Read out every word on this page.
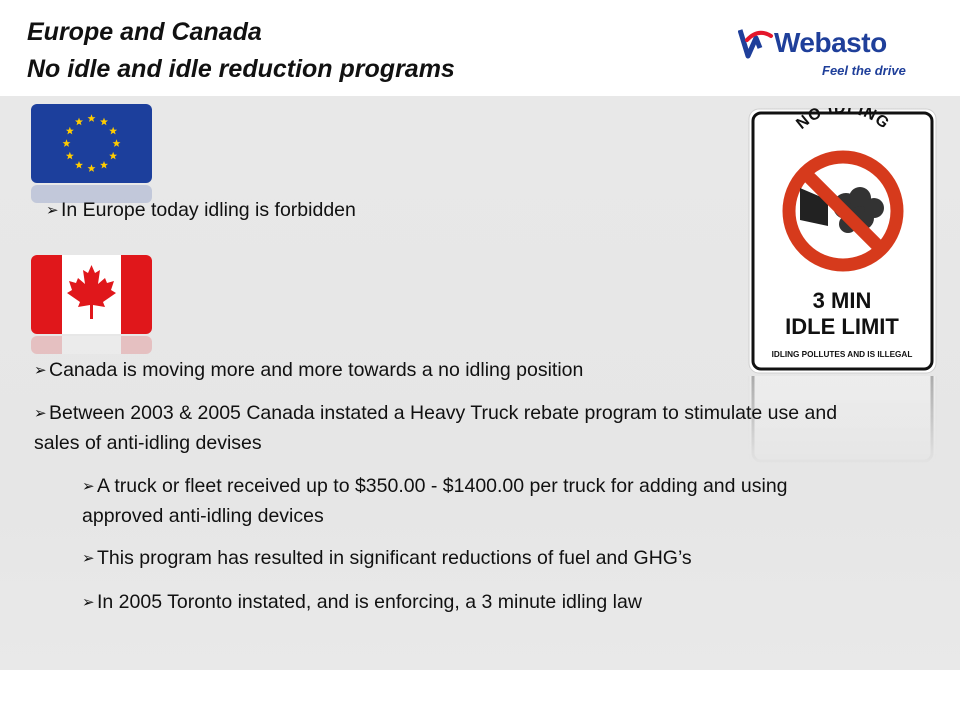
Europe and Canada

No idle and idle reduction programs

Webasto
Feel the drive
NO IDLING
3 MIN
IDLE LIMIT
IDLING POLLUTES AND IS ILLEGAL
➢ In Europe today idling is forbidden
➢ Canada is moving more and more towards a no idling position
➢ Between 2003 & 2005 Canada instated a Heavy Truck rebate program to stimulate use and sales of anti-idling devises
➢ A truck or fleet received up to $350.00 - $1400.00 per truck for adding and using approved anti-idling devices
➢ This program has resulted in significant reductions of fuel and GHG’s
➢ In 2005 Toronto instated, and is enforcing, a 3 minute idling law
